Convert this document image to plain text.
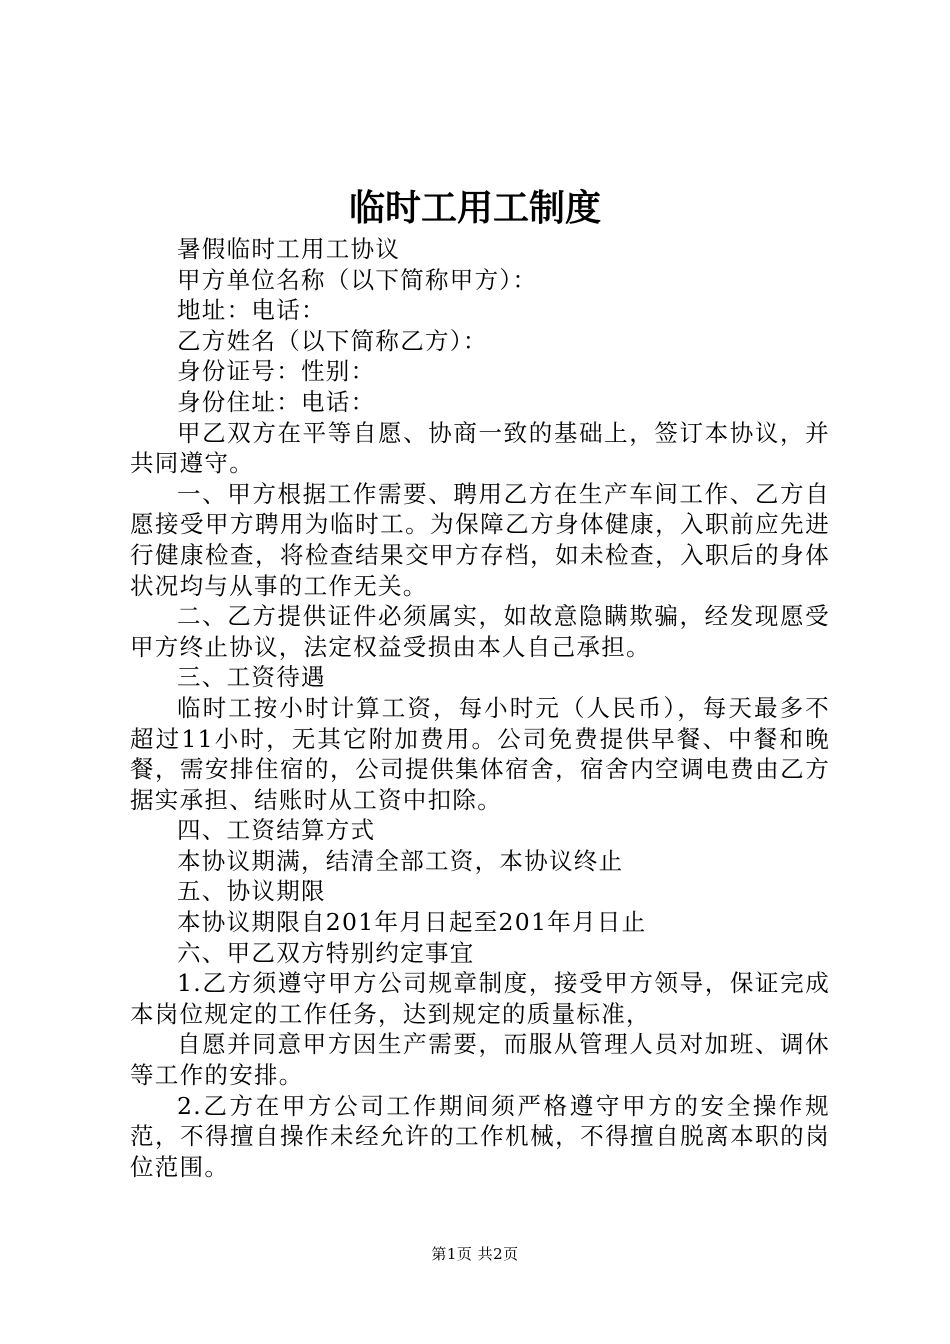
临时工用工制度

暑假临时工用工协议

甲方单位名称（以下简称甲方）：

地址：电话：

乙方姓名（以下简称乙方）：

身份证号：性别：

身份住址：电话：

甲乙双方在平等自愿、协商一致的基础上，签订本协议，并共同遵守。

一、甲方根据工作需要、聘用乙方在生产车间工作、乙方自愿接受甲方聘用为临时工。为保障乙方身体健康，入职前应先进行健康检查，将检查结果交甲方存档，如未检查，入职后的身体状况均与从事的工作无关。

二、乙方提供证件必须属实，如故意隐瞒欺骗，经发现愿受甲方终止协议，法定权益受损由本人自己承担。

三、工资待遇

临时工按小时计算工资，每小时元（人民币），每天最多不超过11小时，无其它附加费用。公司免费提供早餐、中餐和晚餐，需安排住宿的，公司提供集体宿舍，宿舍内空调电费由乙方据实承担、结账时从工资中扣除。

四、工资结算方式

本协议期满，结清全部工资，本协议终止

五、协议期限

本协议期限自201年月日起至201年月日止

六、甲乙双方特别约定事宜

1.乙方须遵守甲方公司规章制度，接受甲方领导，保证完成本岗位规定的工作任务，达到规定的质量标准，

自愿并同意甲方因生产需要，而服从管理人员对加班、调休等工作的安排。

2.乙方在甲方公司工作期间须严格遵守甲方的安全操作规范，不得擅自操作未经允许的工作机械，不得擅自脱离本职的岗位范围。

第1页 共2页
